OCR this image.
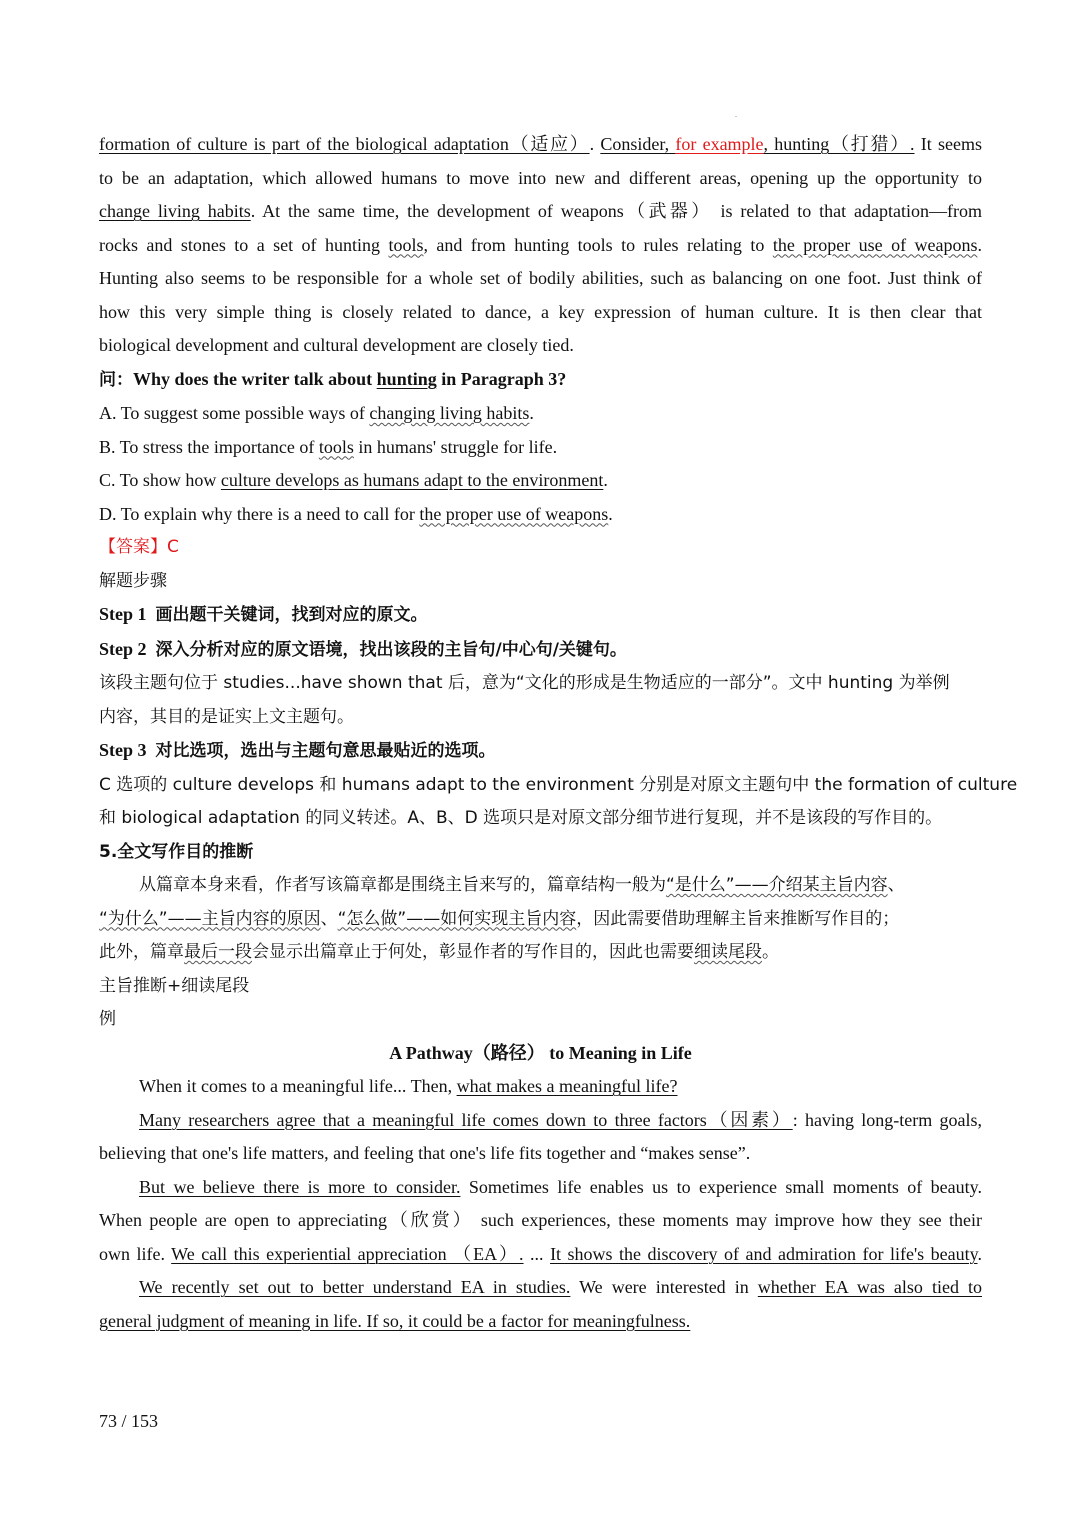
formation of culture is part of the biological adaptation（适应）. Consider, for example, hunting（打猎）. It seems

to be an adaptation, which allowed humans to move into new and different areas, opening up the opportunity to

change living habits. At the same time, the development of weapons（武器） is related to that adaptation—from

rocks and stones to a set of hunting tools, and from hunting tools to rules relating to the proper use of weapons.

Hunting also seems to be responsible for a whole set of bodily abilities, such as balancing on one foot. Just think of

how this very simple thing is closely related to dance, a key expression of human culture. It is then clear that

biological development and cultural development are closely tied.

问：Why does the writer talk about hunting in Paragraph 3?

A. To suggest some possible ways of changing living habits.

B. To stress the importance of tools in humans' struggle for life.

C. To show how culture develops as humans adapt to the environment.

D. To explain why there is a need to call for the proper use of weapons.

【答案】C

解题步骤

Step 1 画出题干关键词，找到对应的原文。

Step 2 深入分析对应的原文语境，找出该段的主旨句/中心句/关键句。

该段主题句位于 studies...have shown that 后，意为“文化的形成是生物适应的一部分”。文中 hunting 为举例

内容，其目的是证实上文主题句。

Step 3 对比选项，选出与主题句意思最贴近的选项。

C 选项的 culture develops 和 humans adapt to the environment 分别是对原文主题句中 the formation of culture

和 biological adaptation 的同义转述。A、B、D 选项只是对原文部分细节进行复现，并不是该段的写作目的。

5.全文写作目的推断

从篇章本身来看，作者写该篇章都是围绕主旨来写的，篇章结构一般为“是什么”——介绍某主旨内容、

“为什么”——主旨内容的原因、“怎么做”——如何实现主旨内容，因此需要借助理解主旨来推断写作目的；

此外，篇章最后一段会显示出篇章止于何处，彰显作者的写作目的，因此也需要细读尾段。

主旨推断+细读尾段

例

A Pathway（路径） to Meaning in Life

When it comes to a meaningful life... Then, what makes a meaningful life?

Many researchers agree that a meaningful life comes down to three factors（因素）: having long-term goals,

believing that one's life matters, and feeling that one's life fits together and “makes sense”.

But we believe there is more to consider. Sometimes life enables us to experience small moments of beauty.

When people are open to appreciating（欣赏） such experiences, these moments may improve how they see their

own life. We call this experiential appreciation （EA）. ... It shows the discovery of and admiration for life's beauty.

We recently set out to better understand EA in studies. We were interested in whether EA was also tied to

general judgment of meaning in life. If so, it could be a factor for meaningfulness.

73 / 153
